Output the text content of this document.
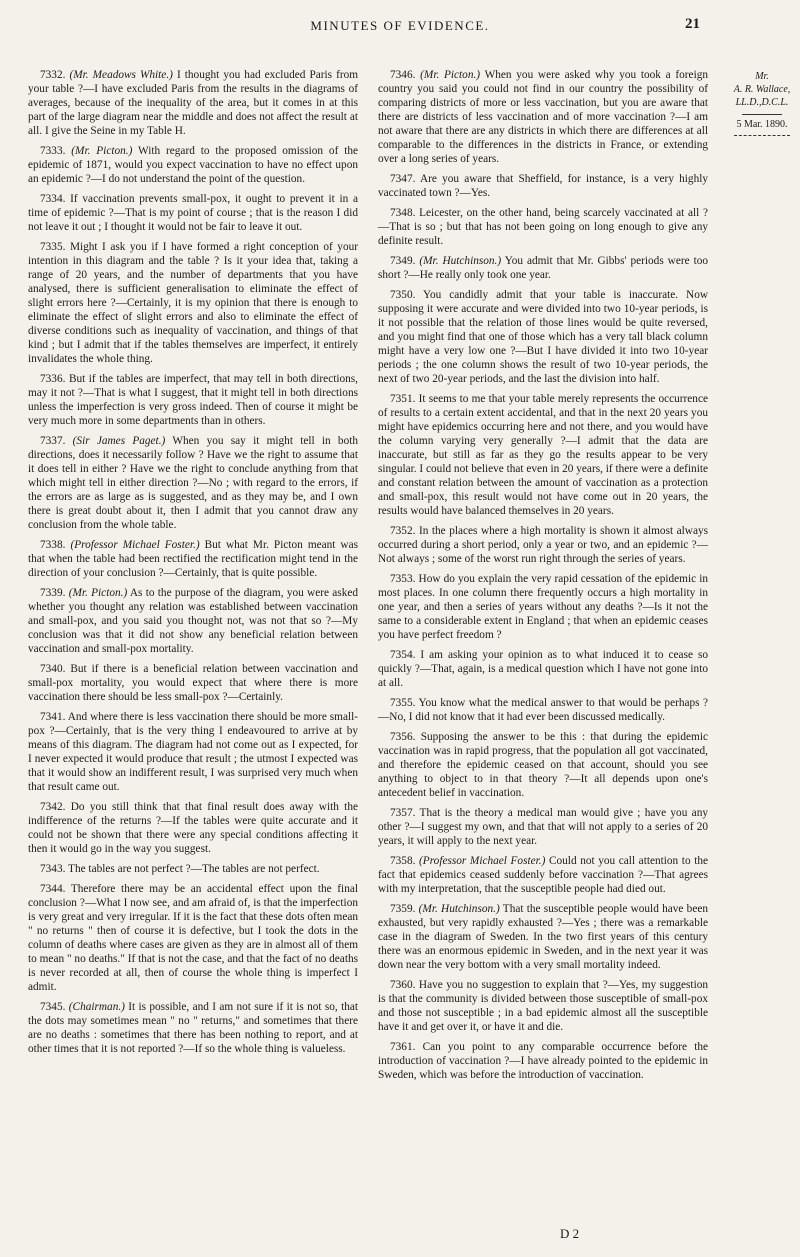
MINUTES OF EVIDENCE.	21

7332. (Mr. Meadows White.) I thought you had excluded Paris from your table ?—I have excluded Paris from the results in the diagrams of averages, because of the inequality of the area, but it comes in at this part of the large diagram near the middle and does not affect the result at all. I give the Seine in my Table H.

7333. (Mr. Picton.) With regard to the proposed omission of the epidemic of 1871, would you expect vaccination to have no effect upon an epidemic ?—I do not understand the point of the question.

7334. If vaccination prevents small-pox, it ought to prevent it in a time of epidemic ?—That is my point of course ; that is the reason I did not leave it out ; I thought it would not be fair to leave it out.

7335. Might I ask you if I have formed a right conception of your intention in this diagram and the table ? Is it your idea that, taking a range of 20 years, and the number of departments that you have analysed, there is sufficient generalisation to eliminate the effect of slight errors here ?—Certainly, it is my opinion that there is enough to eliminate the effect of slight errors and also to eliminate the effect of diverse conditions such as inequality of vaccination, and things of that kind ; but I admit that if the tables themselves are imperfect, it entirely invalidates the whole thing.

7336. But if the tables are imperfect, that may tell in both directions, may it not ?—That is what I suggest, that it might tell in both directions unless the imperfection is very gross indeed. Then of course it might be very much more in some departments than in others.

7337. (Sir James Paget.) When you say it might tell in both directions, does it necessarily follow ? Have we the right to assume that it does tell in either ? Have we the right to conclude anything from that which might tell in either direction ?—No ; with regard to the errors, if the errors are as large as is suggested, and as they may be, and I own there is great doubt about it, then I admit that you cannot draw any conclusion from the whole table.

7338. (Professor Michael Foster.) But what Mr. Picton meant was that when the table had been rectified the rectification might tend in the direction of your conclusion ?—Certainly, that is quite possible.

7339. (Mr. Picton.) As to the purpose of the diagram, you were asked whether you thought any relation was established between vaccination and small-pox, and you said you thought not, was not that so ?—My conclusion was that it did not show any beneficial relation between vaccination and small-pox mortality.

7340. But if there is a beneficial relation between vaccination and small-pox mortality, you would expect that where there is more vaccination there should be less small-pox ?—Certainly.

7341. And where there is less vaccination there should be more small-pox ?—Certainly, that is the very thing I endeavoured to arrive at by means of this diagram. The diagram had not come out as I expected, for I never expected it would produce that result ; the utmost I expected was that it would show an indifferent result, I was surprised very much when that result came out.

7342. Do you still think that that final result does away with the indifference of the returns ?—If the tables were quite accurate and it could not be shown that there were any special conditions affecting it then it would go in the way you suggest.

7343. The tables are not perfect ?—The tables are not perfect.

7344. Therefore there may be an accidental effect upon the final conclusion ?—What I now see, and am afraid of, is that the imperfection is very great and very irregular. If it is the fact that these dots often mean " no returns " then of course it is defective, but I took the dots in the column of deaths where cases are given as they are in almost all of them to mean " no deaths." If that is not the case, and that the fact of no deaths is never recorded at all, then of course the whole thing is imperfect I admit.

7345. (Chairman.) It is possible, and I am not sure if it is not so, that the dots may sometimes mean " no " returns," and sometimes that there are no deaths : sometimes that there has been nothing to report, and at other times that it is not reported ?—If so the whole thing is valueless.

7346. (Mr. Picton.) When you were asked why you took a foreign country you said you could not find in our country the possibility of comparing districts of more or less vaccination, but you are aware that there are districts of less vaccination and of more vaccination ?—I am not aware that there are any districts in which there are differences at all comparable to the differences in the districts in France, or extending over a long series of years.

7347. Are you aware that Sheffield, for instance, is a very highly vaccinated town ?—Yes.

7348. Leicester, on the other hand, being scarcely vaccinated at all ?—That is so ; but that has not been going on long enough to give any definite result.

7349. (Mr. Hutchinson.) You admit that Mr. Gibbs' periods were too short ?—He really only took one year.

7350. You candidly admit that your table is inaccurate. Now supposing it were accurate and were divided into two 10-year periods, is it not possible that the relation of those lines would be quite reversed, and you might find that one of those which has a very tall black column might have a very low one ?—But I have divided it into two 10-year periods ; the one column shows the result of two 10-year periods, the next of two 20-year periods, and the last the division into half.

7351. It seems to me that your table merely represents the occurrence of results to a certain extent accidental, and that in the next 20 years you might have epidemics occurring here and not there, and you would have the column varying very generally ?—I admit that the data are inaccurate, but still as far as they go the results appear to be very singular. I could not believe that even in 20 years, if there were a definite and constant relation between the amount of vaccination as a protection and small-pox, this result would not have come out in 20 years, the results would have balanced themselves in 20 years.

7352. In the places where a high mortality is shown it almost always occurred during a short period, only a year or two, and an epidemic ?—Not always ; some of the worst run right through the series of years.

7353. How do you explain the very rapid cessation of the epidemic in most places. In one column there frequently occurs a high mortality in one year, and then a series of years without any deaths ?—Is it not the same to a considerable extent in England ; that when an epidemic ceases you have perfect freedom ?

7354. I am asking your opinion as to what induced it to cease so quickly ?—That, again, is a medical question which I have not gone into at all.

7355. You know what the medical answer to that would be perhaps ?—No, I did not know that it had ever been discussed medically.

7356. Supposing the answer to be this : that during the epidemic vaccination was in rapid progress, that the population all got vaccinated, and therefore the epidemic ceased on that account, should you see anything to object to in that theory ?—It all depends upon one's antecedent belief in vaccination.

7357. That is the theory a medical man would give ; have you any other ?—I suggest my own, and that that will not apply to a series of 20 years, it will apply to the next year.

7358. (Professor Michael Foster.) Could not you call attention to the fact that epidemics ceased suddenly before vaccination ?—That agrees with my interpretation, that the susceptible people had died out.

7359. (Mr. Hutchinson.) That the susceptible people would have been exhausted, but very rapidly exhausted ?—Yes ; there was a remarkable case in the diagram of Sweden. In the two first years of this century there was an enormous epidemic in Sweden, and in the next year it was down near the very bottom with a very small mortality indeed.

7360. Have you no suggestion to explain that ?—Yes, my suggestion is that the community is divided between those susceptible of small-pox and those not susceptible ; in a bad epidemic almost all the susceptible have it and get over it, or have it and die.

7361. Can you point to any comparable occurrence before the introduction of vaccination ?—I have already pointed to the epidemic in Sweden, which was before the introduction of vaccination.

Mr.
A. R. Wallace,
LL.D.,D.C.L.
5 Mar. 1890.
D 2
